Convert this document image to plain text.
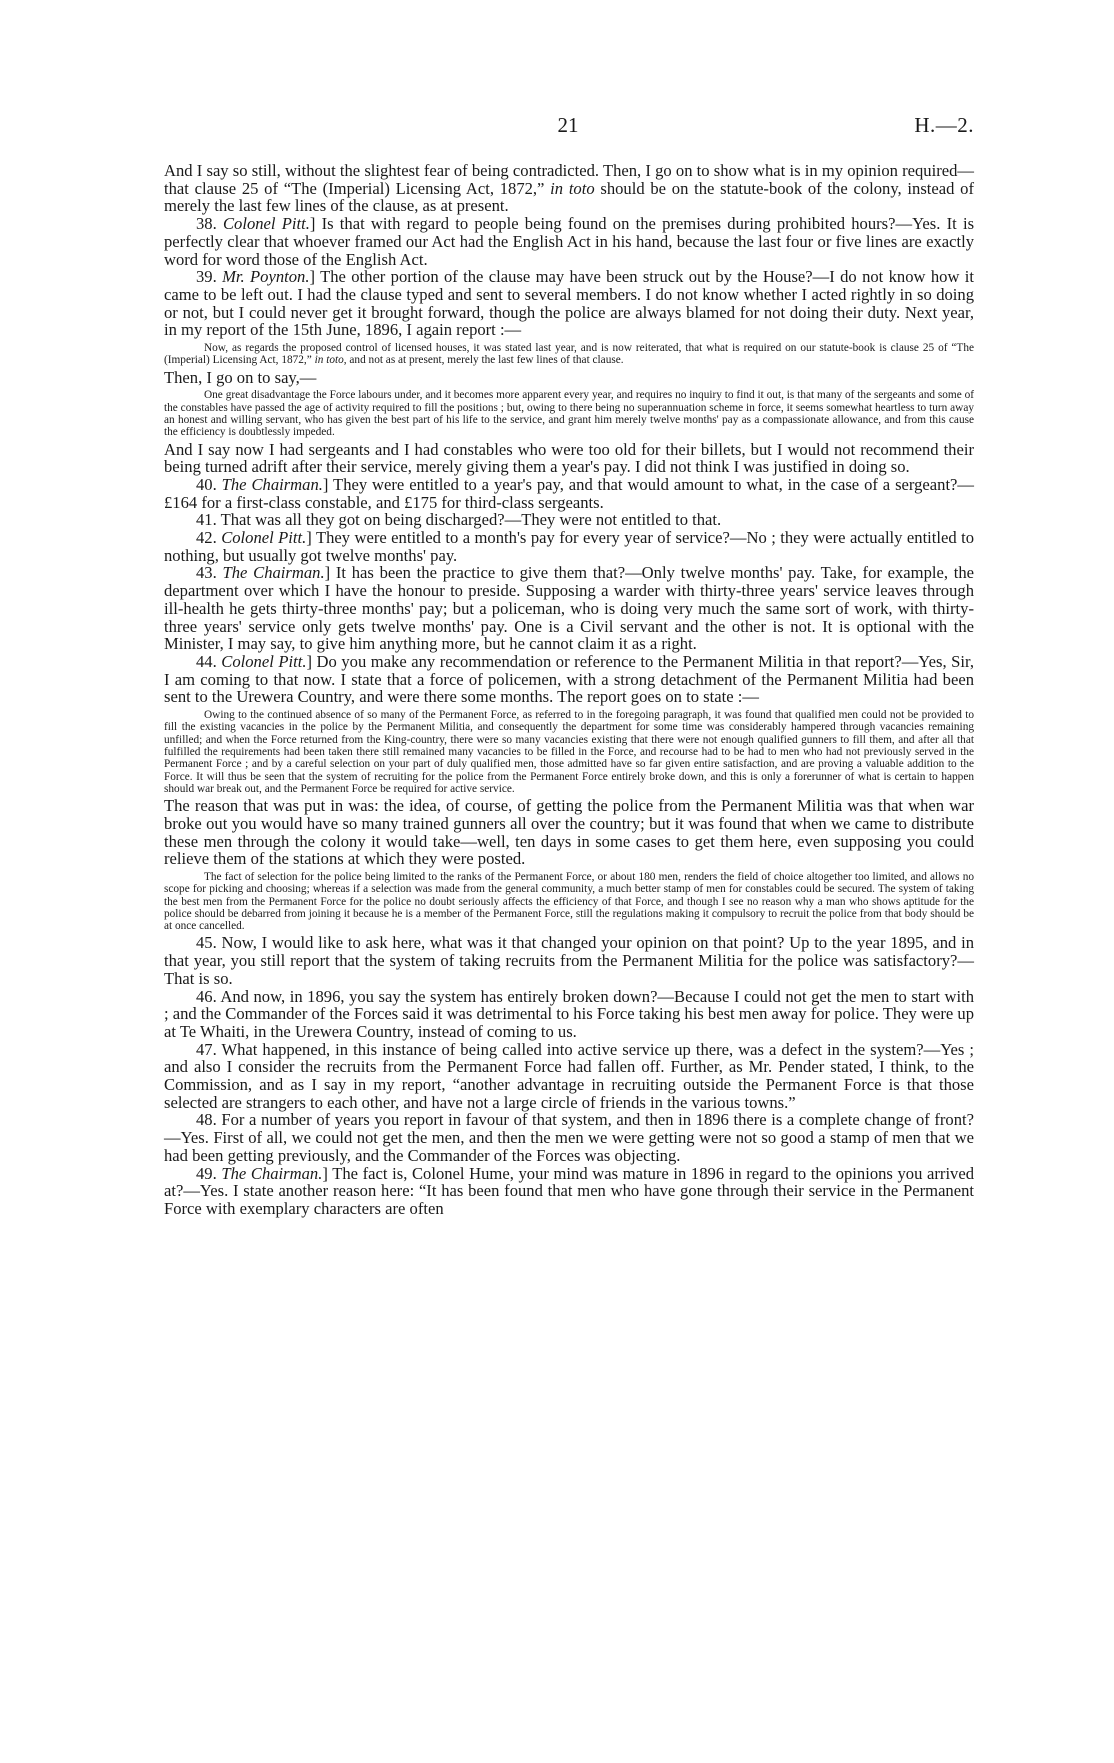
21	H.—2.

And I say so still, without the slightest fear of being contradicted. Then, I go on to show what is in my opinion required—that clause 25 of “The (Imperial) Licensing Act, 1872,” in toto should be on the statute-book of the colony, instead of merely the last few lines of the clause, as at present.

38. Colonel Pitt.] Is that with regard to people being found on the premises during prohibited hours?—Yes. It is perfectly clear that whoever framed our Act had the English Act in his hand, because the last four or five lines are exactly word for word those of the English Act.

39. Mr. Poynton.] The other portion of the clause may have been struck out by the House?—I do not know how it came to be left out. I had the clause typed and sent to several members. I do not know whether I acted rightly in so doing or not, but I could never get it brought forward, though the police are always blamed for not doing their duty. Next year, in my report of the 15th June, 1896, I again report :—

Now, as regards the proposed control of licensed houses, it was stated last year, and is now reiterated, that what is required on our statute-book is clause 25 of “The (Imperial) Licensing Act, 1872,” in toto, and not as at present, merely the last few lines of that clause.

Then, I go on to say,—

One great disadvantage the Force labours under, and it becomes more apparent every year, and requires no inquiry to find it out, is that many of the sergeants and some of the constables have passed the age of activity required to fill the positions ; but, owing to there being no superannuation scheme in force, it seems somewhat heartless to turn away an honest and willing servant, who has given the best part of his life to the service, and grant him merely twelve months' pay as a compassionate allowance, and from this cause the efficiency is doubtlessly impeded.

And I say now I had sergeants and I had constables who were too old for their billets, but I would not recommend their being turned adrift after their service, merely giving them a year's pay. I did not think I was justified in doing so.

40. The Chairman.] They were entitled to a year's pay, and that would amount to what, in the case of a sergeant?—£164 for a first-class constable, and £175 for third-class sergeants.

41. That was all they got on being discharged?—They were not entitled to that.

42. Colonel Pitt.] They were entitled to a month's pay for every year of service?—No ; they were actually entitled to nothing, but usually got twelve months' pay.

43. The Chairman.] It has been the practice to give them that?—Only twelve months' pay. Take, for example, the department over which I have the honour to preside. Supposing a warder with thirty-three years' service leaves through ill-health he gets thirty-three months' pay; but a policeman, who is doing very much the same sort of work, with thirty-three years' service only gets twelve months' pay. One is a Civil servant and the other is not. It is optional with the Minister, I may say, to give him anything more, but he cannot claim it as a right.

44. Colonel Pitt.] Do you make any recommendation or reference to the Permanent Militia in that report?—Yes, Sir, I am coming to that now. I state that a force of policemen, with a strong detachment of the Permanent Militia had been sent to the Urewera Country, and were there some months. The report goes on to state :—

Owing to the continued absence of so many of the Permanent Force, as referred to in the foregoing paragraph, it was found that qualified men could not be provided to fill the existing vacancies in the police by the Permanent Militia, and consequently the department for some time was considerably hampered through vacancies remaining unfilled; and when the Force returned from the King-country, there were so many vacancies existing that there were not enough qualified gunners to fill them, and after all that fulfilled the requirements had been taken there still remained many vacancies to be filled in the Force, and recourse had to be had to men who had not previously served in the Permanent Force ; and by a careful selection on your part of duly qualified men, those admitted have so far given entire satisfaction, and are proving a valuable addition to the Force. It will thus be seen that the system of recruiting for the police from the Permanent Force entirely broke down, and this is only a forerunner of what is certain to happen should war break out, and the Permanent Force be required for active service.

The reason that was put in was: the idea, of course, of getting the police from the Permanent Militia was that when war broke out you would have so many trained gunners all over the country; but it was found that when we came to distribute these men through the colony it would take—well, ten days in some cases to get them here, even supposing you could relieve them of the stations at which they were posted.

The fact of selection for the police being limited to the ranks of the Permanent Force, or about 180 men, renders the field of choice altogether too limited, and allows no scope for picking and choosing; whereas if a selection was made from the general community, a much better stamp of men for constables could be secured. The system of taking the best men from the Permanent Force for the police no doubt seriously affects the efficiency of that Force, and though I see no reason why a man who shows aptitude for the police should be debarred from joining it because he is a member of the Permanent Force, still the regulations making it compulsory to recruit the police from that body should be at once cancelled.

45. Now, I would like to ask here, what was it that changed your opinion on that point? Up to the year 1895, and in that year, you still report that the system of taking recruits from the Permanent Militia for the police was satisfactory?—That is so.

46. And now, in 1896, you say the system has entirely broken down?—Because I could not get the men to start with ; and the Commander of the Forces said it was detrimental to his Force taking his best men away for police. They were up at Te Whaiti, in the Urewera Country, instead of coming to us.

47. What happened, in this instance of being called into active service up there, was a defect in the system?—Yes ; and also I consider the recruits from the Permanent Force had fallen off. Further, as Mr. Pender stated, I think, to the Commission, and as I say in my report, “another advantage in recruiting outside the Permanent Force is that those selected are strangers to each other, and have not a large circle of friends in the various towns.”

48. For a number of years you report in favour of that system, and then in 1896 there is a complete change of front?—Yes. First of all, we could not get the men, and then the men we were getting were not so good a stamp of men that we had been getting previously, and the Commander of the Forces was objecting.

49. The Chairman.] The fact is, Colonel Hume, your mind was mature in 1896 in regard to the opinions you arrived at?—Yes. I state another reason here: “It has been found that men who have gone through their service in the Permanent Force with exemplary characters are often
